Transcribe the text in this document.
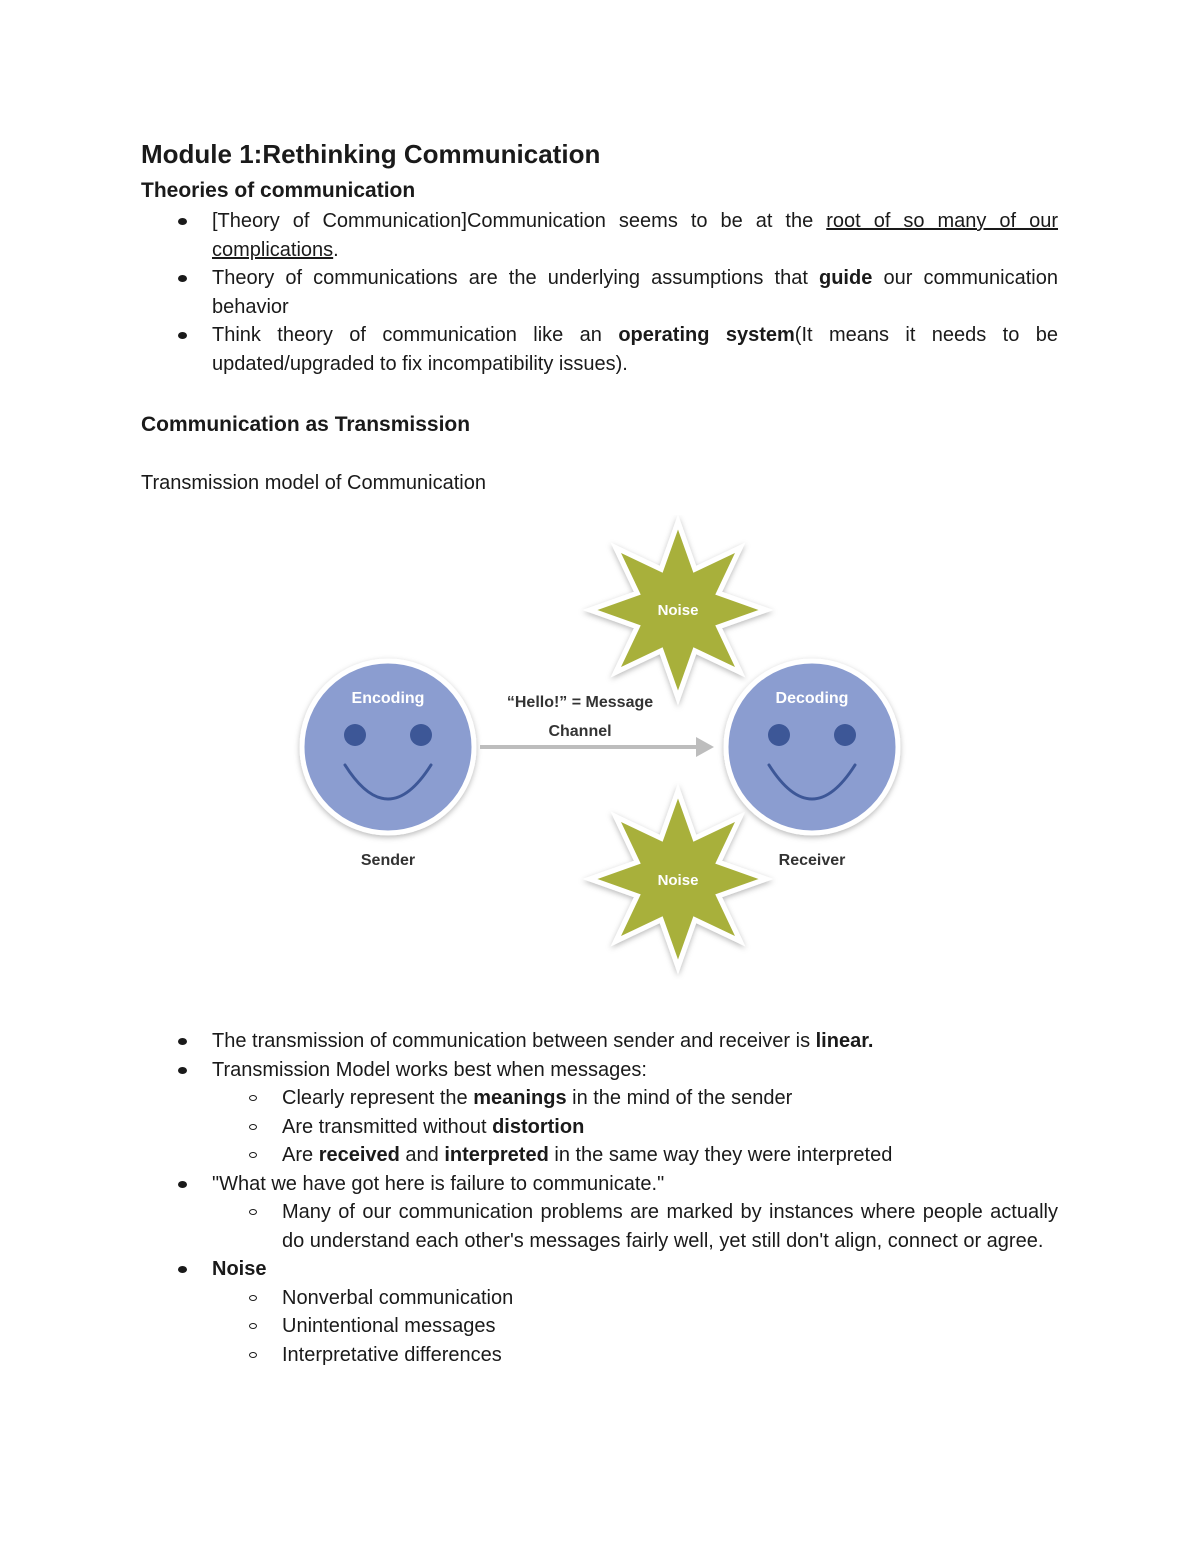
Module 1:Rethinking Communication
Theories of communication
[Theory of Communication]Communication seems to be at the root of so many of our complications.
Theory of communications are the underlying assumptions that guide our communication behavior
Think theory of communication like an operating system(It means it needs to be updated/upgraded to fix incompatibility issues).
Communication as Transmission

Transmission model of Communication

The transmission of communication between sender and receiver is linear.
Transmission Model works best when messages:
Clearly represent the meanings in the mind of the sender
Are transmitted without distortion
Are received and interpreted in the same way they were interpreted
"What we have got here is failure to communicate."
Many of our communication problems are marked by instances where people actually do understand each other's messages fairly well, yet still don't align, connect or agree.
Noise
Nonverbal communication
Unintentional messages
Interpretative differences
Noise
Noise
Encoding
Sender
Decoding
Receiver
“Hello!” = Message
Channel
